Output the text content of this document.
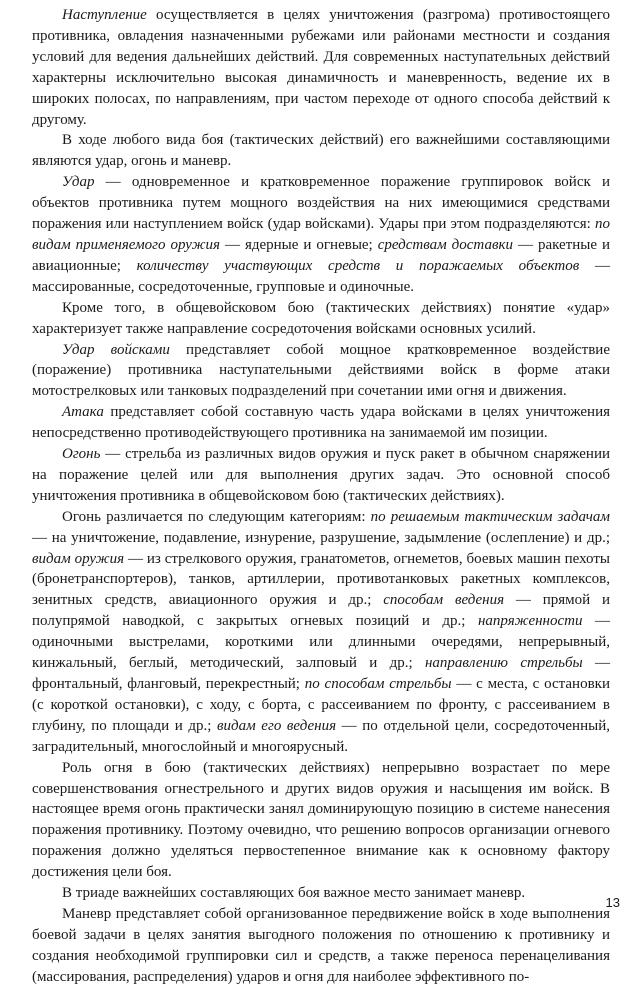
Наступление осуществляется в целях уничтожения (разгрома) противостоящего противника, овладения назначенными рубежами или районами местности и создания условий для ведения дальнейших действий. Для современных наступательных действий характерны исключительно высокая динамичность и маневренность, ведение их в широких полосах, по направлениям, при частом переходе от одного способа действий к другому.

В ходе любого вида боя (тактических действий) его важнейшими составляющими являются удар, огонь и маневр.

Удар — одновременное и кратковременное поражение группировок войск и объектов противника путем мощного воздействия на них имеющимися средствами поражения или наступлением войск (удар войсками). Удары при этом подразделяются: по видам применяемого оружия — ядерные и огневые; средствам доставки — ракетные и авиационные; количеству участвующих средств и поражаемых объектов — массированные, сосредоточенные, групповые и одиночные.

Кроме того, в общевойсковом бою (тактических действиях) понятие «удар» характеризует также направление сосредоточения войсками основных усилий.

Удар войсками представляет собой мощное кратковременное воздействие (поражение) противника наступательными действиями войск в форме атаки мотострелковых или танковых подразделений при сочетании ими огня и движения.

Атака представляет собой составную часть удара войсками в целях уничтожения непосредственно противодействующего противника на занимаемой им позиции.

Огонь — стрельба из различных видов оружия и пуск ракет в обычном снаряжении на поражение целей или для выполнения других задач. Это основной способ уничтожения противника в общевойсковом бою (тактических действиях).

Огонь различается по следующим категориям: по решаемым тактическим задачам — на уничтожение, подавление, изнурение, разрушение, задымление (ослепление) и др.; видам оружия — из стрелкового оружия, гранатометов, огнеметов, боевых машин пехоты (бронетранспортеров), танков, артиллерии, противотанковых ракетных комплексов, зенитных средств, авиационного оружия и др.; способам ведения — прямой и полупрямой наводкой, с закрытых огневых позиций и др.; напряженности — одиночными выстрелами, короткими или длинными очередями, непрерывный, кинжальный, беглый, методический, залповый и др.; направлению стрельбы — фронтальный, фланговый, перекрестный; по способам стрельбы — с места, с остановки (с короткой остановки), с ходу, с борта, с рассеиванием по фронту, с рассеиванием в глубину, по площади и др.; видам его ведения — по отдельной цели, сосредоточенный, заградительный, многослойный и многоярусный.

Роль огня в бою (тактических действиях) непрерывно возрастает по мере совершенствования огнестрельного и других видов оружия и насыщения им войск. В настоящее время огонь практически занял доминирующую позицию в системе нанесения поражения противнику. Поэтому очевидно, что решению вопросов организации огневого поражения должно уделяться первостепенное внимание как к основному фактору достижения цели боя.

В триаде важнейших составляющих боя важное место занимает маневр.

Маневр представляет собой организованное передвижение войск в ходе выполнения боевой задачи в целях занятия выгодного положения по отношению к противнику и создания необходимой группировки сил и средств, а также переноса перенацеливания (массирования, распределения) ударов и огня для наиболее эффективного по-

13
